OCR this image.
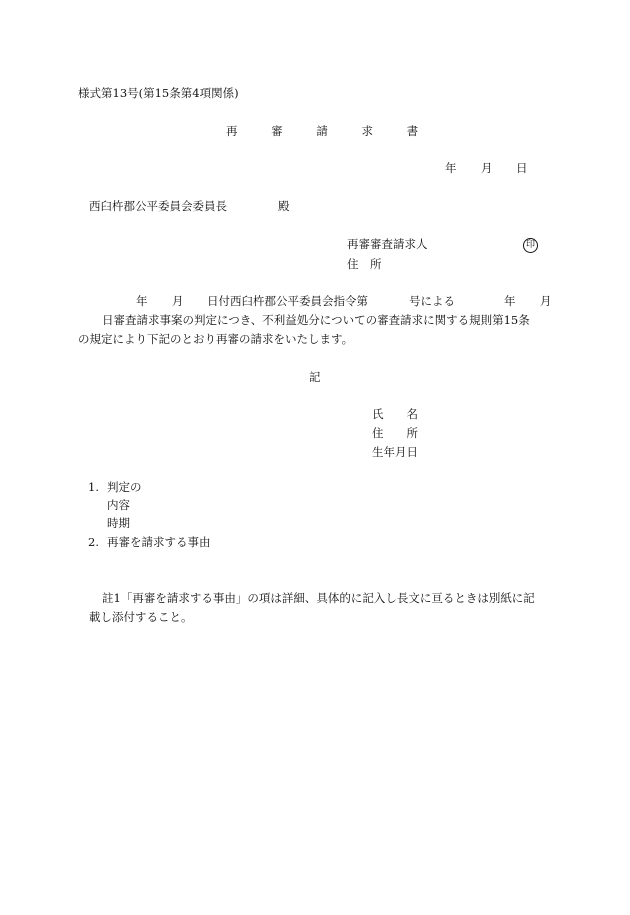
様式第13号(第15条第4項関係)
再	審	請	求	書
年 月 日
西臼杵郡公平委員会委員長	殿
再審審査請求人	印
住　所
年 月 日付西臼杵郡公平委員会指令第	号による	年 月
日審査請求事案の判定につき、不利益処分についての審査請求に関する規則第15条
の規定により下記のとおり再審の請求をいたします。
記
氏　　名
住　　所
生年月日
1. 判定の
内容
時期
2. 再審を請求する事由
註1「再審を請求する事由」の項は詳細、具体的に記入し長文に亘るときは別紙に記
載し添付すること。
